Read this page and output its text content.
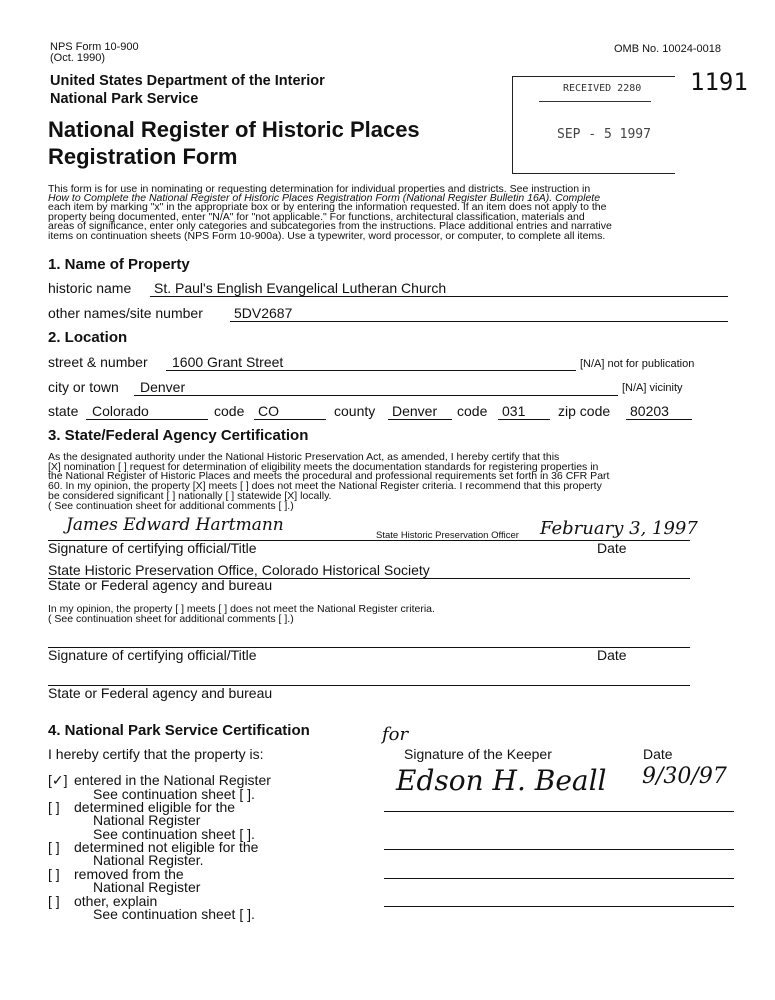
NPS Form 10-900
(Oct. 1990)
OMB No. 10024-0018
United States Department of the Interior
National Park Service
National Register of Historic Places
Registration Form
1191
RECEIVED 2280
SEP - 5 1997
This form is for use in nominating or requesting determination for individual properties and districts. See instruction in
How to Complete the National Register of Historic Places Registration Form (National Register Bulletin 16A). Complete
each item by marking "x" in the appropriate box or by entering the information requested. If an item does not apply to the
property being documented, enter "N/A" for "not applicable." For functions, architectural classification, materials and
areas of significance, enter only categories and subcategories from the instructions. Place additional entries and narrative
items on continuation sheets (NPS Form 10-900a). Use a typewriter, word processor, or computer, to complete all items.
1. Name of Property
historic name St. Paul's English Evangelical Lutheran Church
other names/site number 5DV2687
2. Location
street & number 1600 Grant Street	[N/A] not for publication
city or town Denver	[N/A] vicinity
state Colorado	code CO	county Denver code 031 zip code 80203
3. State/Federal Agency Certification
As the designated authority under the National Historic Preservation Act, as amended, I hereby certify that this
[X] nomination [ ] request for determination of eligibility meets the documentation standards for registering properties in
the National Register of Historic Places and meets the procedural and professional requirements set forth in 36 CFR Part
60. In my opinion, the property [X] meets [ ] does not meet the National Register criteria. I recommend that this property
be considered significant [ ] nationally [ ] statewide [X] locally.
( See continuation sheet for additional comments [ ].)
James Edward Hartmann
State Historic Preservation Officer February 3, 1997
Signature of certifying official/Title	Date
State Historic Preservation Office, Colorado Historical Society
State or Federal agency and bureau
In my opinion, the property [ ] meets [ ] does not meet the National Register criteria.
( See continuation sheet for additional comments [ ].)
Signature of certifying official/Title	Date
State or Federal agency and bureau
4. National Park Service Certification
I hereby certify that the property is:
[✓] entered in the National Register
See continuation sheet [ ].
[ ] determined eligible for the
National Register
See continuation sheet [ ].
[ ] determined not eligible for the
National Register.
[ ] removed from the
National Register
[ ] other, explain
See continuation sheet [ ].
for
Signature of the Keeper	Date
Edson H. Beall 9/30/97
